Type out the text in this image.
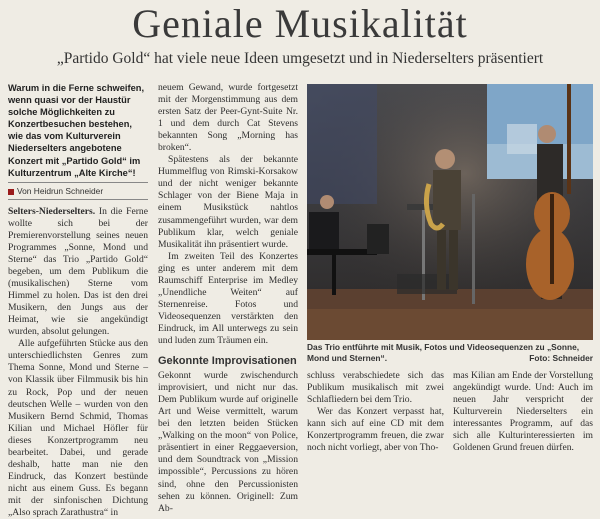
Geniale Musikalität
„Partido Gold“ hat viele neue Ideen umgesetzt und in Niederselters präsentiert
Warum in die Ferne schweifen, wenn quasi vor der Haustür solche Möglichkeiten zu Konzertbesuchen bestehen, wie das vom Kulturverein Niederselters angebotene Konzert mit „Partido Gold“ im Kulturzentrum „Alte Kirche“!
Von Heidrun Schneider

Selters-Niederselters. In die Ferne wollte sich bei der Premierenvorstellung seines neuen Programmes „Sonne, Mond und Sterne“ das Trio „Partido Gold“ begeben, um dem Publikum die (musikalischen) Sterne vom Himmel zu holen. Das ist den drei Musikern, den Jungs aus der Heimat, wie sie angekündigt wurden, absolut gelungen.

Alle aufgeführten Stücke aus den unterschiedlichsten Genres zum Thema Sonne, Mond und Sterne – von Klassik über Filmmusik bis hin zu Rock, Pop und der neuen deutschen Welle – wurden von den Musikern Bernd Schmid, Thomas Kilian und Michael Höfler für dieses Konzertprogramm neu bearbeitet. Dabei, und gerade deshalb, hatte man nie den Eindruck, das Konzert bestünde nicht aus einem Guss. Es begann mit der sinfonischen Dichtung „Also sprach Zarathustra“ in

neuem Gewand, wurde fortgesetzt mit der Morgenstimmung aus dem ersten Satz der Peer-Gynt-Suite Nr. 1 und dem durch Cat Stevens bekannten Song „Morning has broken“.

Spätestens als der bekannte Hummelflug von Rimski-Korsakow und der nicht weniger bekannte Schlager von der Biene Maja in einem Musikstück nahtlos zusammengeführt wurden, war dem Publikum klar, welch geniale Musikalität ihn präsentiert wurde.

Im zweiten Teil des Konzertes ging es unter anderem mit dem Raumschiff Enterprise im Medley „Unendliche Weiten“ auf Sternenreise. Fotos und Videosequenzen verstärkten den Eindruck, im All unterwegs zu sein und luden zum Träumen ein.

Gekonnte Improvisationen

Gekonnt wurde zwischendurch improvisiert, und nicht nur das. Dem Publikum wurde auf originelle Art und Weise vermittelt, warum bei den letzten beiden Stücken „Walking on the moon“ von Police, präsentiert in einer Reggaeversion, und dem Soundtrack von „Mission impossible“, Percussions zu hören sind, ohne den Percussionisten sehen zu können. Originell: Zum Ab-

Das Trio entführte mit Musik, Fotos und Videosequenzen zu „Sonne, Mond und Sternen“.	Foto: Schneider

schluss verabschiedete sich das Publikum musikalisch mit zwei Schlafliedern bei dem Trio.

Wer das Konzert verpasst hat, kann sich auf eine CD mit dem Konzertprogramm freuen, die zwar noch nicht vorliegt, aber von Tho-

mas Kilian am Ende der Vorstellung angekündigt wurde. Und: Auch im neuen Jahr verspricht der Kulturverein Niederselters ein interessantes Programm, auf das sich alle Kulturinteressierten im Goldenen Grund freuen dürfen.
